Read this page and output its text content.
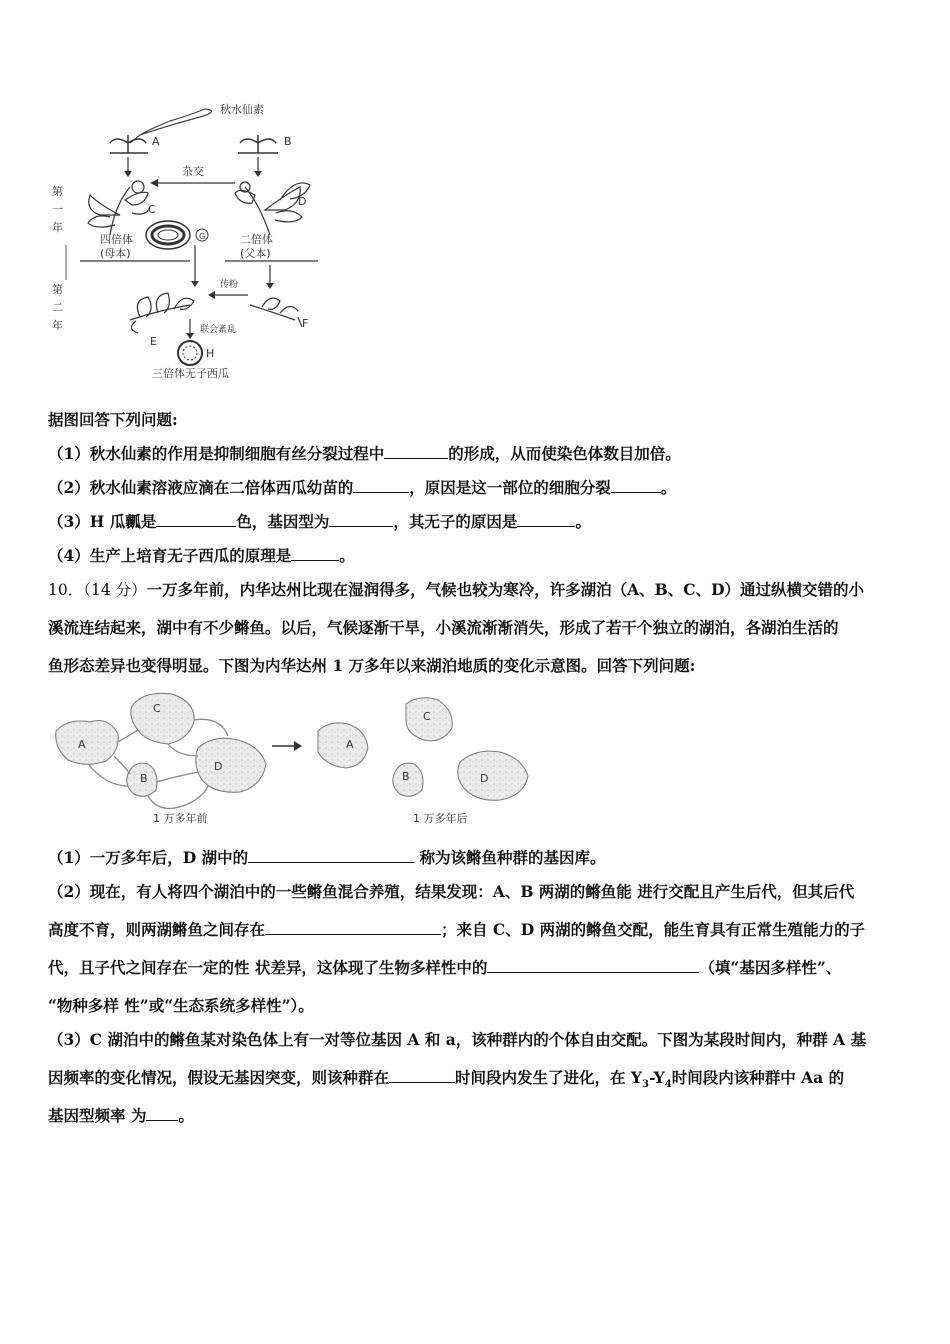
秋水仙素
A	B
杂交
第
一
年
第
二
年
C
四倍体
(母本)
G
D
二倍体
(父本)
传粉
E
F
联会紊乱
H
三倍体无子西瓜
据图回答下列问题:
（1）秋水仙素的作用是抑制细胞有丝分裂过程中	的形成，从而使染色体数目加倍。
（2）秋水仙素溶液应滴在二倍体西瓜幼苗的	，原因是这一部位的细胞分裂	。
（3）H 瓜瓤是	色，基因型为	，其无子的原因是	。
（4）生产上培育无子西瓜的原理是	。
10．（14 分）一万多年前，内华达州比现在湿润得多，气候也较为寒冷，许多湖泊（A、B、C、D）通过纵横交错的小
溪流连结起来，湖中有不少鳉鱼。以后，气候逐渐干旱，小溪流渐渐消失，形成了若干个独立的湖泊，各湖泊生活的
鱼形态差异也变得明显。下图为内华达州 1 万多年以来湖泊地质的变化示意图。回答下列问题:
A
C
B
D
A
C
B	D
1 万多年前	1 万多年后
（1）一万多年后，D 湖中的	称为该鳉鱼种群的基因库。
（2）现在，有人将四个湖泊中的一些鳉鱼混合养殖，结果发现：A、B 两湖的鳉鱼能 进行交配且产生后代，但其后代
高度不育，则两湖鳉鱼之间存在	；来自 C、D 两湖的鳉鱼交配，能生育具有正常生殖能力的子
代，且子代之间存在一定的性 状差异，这体现了生物多样性中的	（填“基因多样性”、
“物种多样 性”或“生态系统多样性”）。
（3）C 湖泊中的鳉鱼某对染色体上有一对等位基因 A 和 a，该种群内的个体自由交配。下图为某段时间内，种群 A 基
因频率的变化情况，假设无基因突变，则该种群在	时间段内发生了进化，在 $Y_3-Y_4$时间段内该种群中 Aa 的
基因型频率 为 。
